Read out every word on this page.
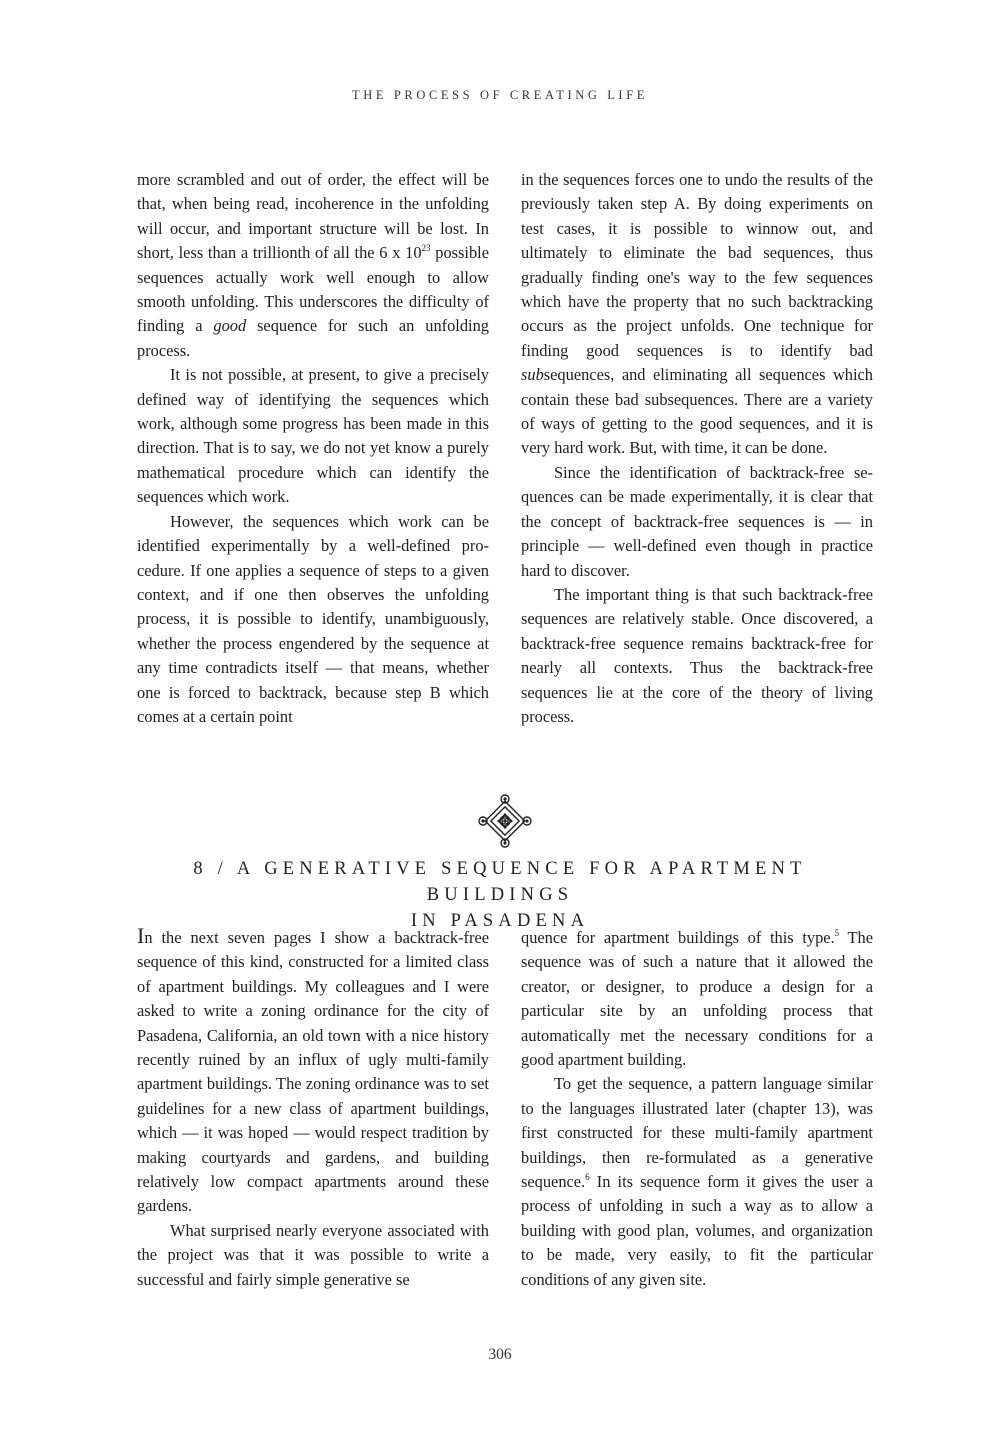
THE PROCESS OF CREATING LIFE

more scrambled and out of order, the effect will be that, when being read, incoherence in the unfolding will occur, and important structure will be lost. In short, less than a trillionth of all the 6 x $10^{23}$ possible sequences actually work well enough to allow smooth unfolding. This underscores the difficulty of finding a good sequence for such an unfolding process.

It is not possible, at present, to give a precisely defined way of identifying the sequences which work, although some progress has been made in this direction. That is to say, we do not yet know a purely mathematical procedure which can identify the sequences which work.

However, the sequences which work can be identified experimentally by a well-defined procedure. If one applies a sequence of steps to a given context, and if one then observes the unfolding process, it is possible to identify, unambiguously, whether the process engendered by the sequence at any time contradicts itself — that means, whether one is forced to backtrack, because step B which comes at a certain point

in the sequences forces one to undo the results of the previously taken step A. By doing experiments on test cases, it is possible to winnow out, and ultimately to eliminate the bad sequences, thus gradually finding one's way to the few sequences which have the property that no such backtracking occurs as the project unfolds. One technique for finding good sequences is to identify bad subsequences, and eliminating all sequences which contain these bad subsequences. There are a variety of ways of getting to the good sequences, and it is very hard work. But, with time, it can be done.

Since the identification of backtrack-free sequences can be made experimentally, it is clear that the concept of backtrack-free sequences is — in principle — well-defined even though in practice hard to discover.

The important thing is that such backtrack-free sequences are relatively stable. Once discovered, a backtrack-free sequence remains backtrack-free for nearly all contexts. Thus the backtrack-free sequences lie at the core of the theory of living process.

8 / A GENERATIVE SEQUENCE FOR APARTMENT BUILDINGS
IN PASADENA

In the next seven pages I show a backtrack-free sequence of this kind, constructed for a limited class of apartment buildings. My colleagues and I were asked to write a zoning ordinance for the city of Pasadena, California, an old town with a nice history recently ruined by an influx of ugly multi-family apartment buildings. The zoning ordinance was to set guidelines for a new class of apartment buildings, which — it was hoped — would respect tradition by making courtyards and gardens, and building relatively low compact apartments around these gardens.

What surprised nearly everyone associated with the project was that it was possible to write a successful and fairly simple generative se

quence for apartment buildings of this type.$^5$ The sequence was of such a nature that it allowed the creator, or designer, to produce a design for a particular site by an unfolding process that automatically met the necessary conditions for a good apartment building.

To get the sequence, a pattern language similar to the languages illustrated later (chapter 13), was first constructed for these multi-family apartment buildings, then re-formulated as a generative sequence.$^6$ In its sequence form it gives the user a process of unfolding in such a way as to allow a building with good plan, volumes, and organization to be made, very easily, to fit the particular conditions of any given site.

306
